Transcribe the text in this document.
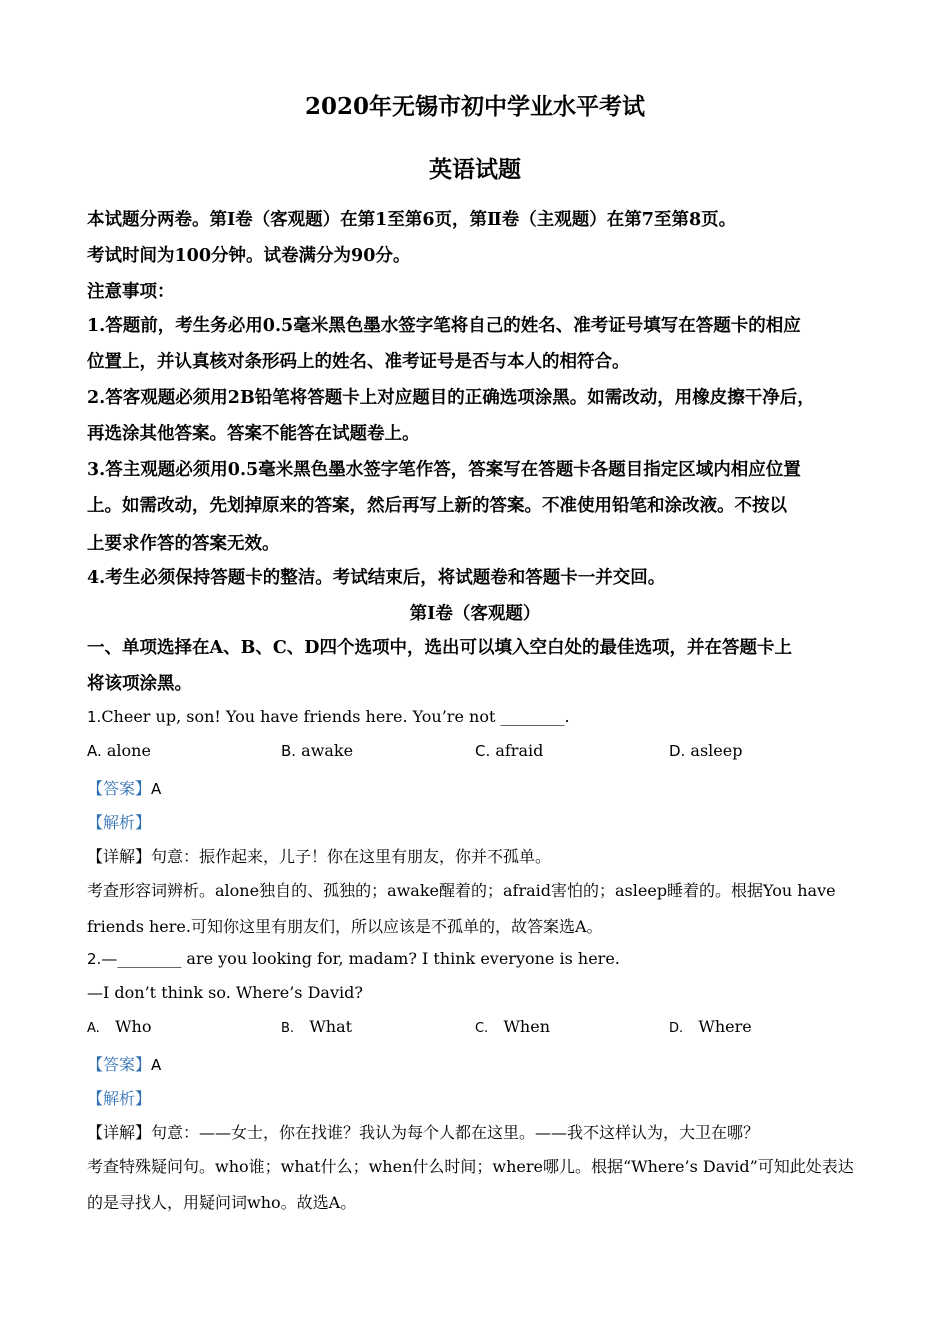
2020年无锡市初中学业水平考试
英语试题
本试题分两卷。第Ⅰ卷（客观题）在第1至第6页，第Ⅱ卷（主观题）在第7至第8页。
考试时间为100分钟。试卷满分为90分。
注意事项：
1.答题前，考生务必用0.5毫米黑色墨水签字笔将自己的姓名、准考证号填写在答题卡的相应
位置上，并认真核对条形码上的姓名、准考证号是否与本人的相符合。
2.答客观题必须用2B铅笔将答题卡上对应题目的正确选项涂黑。如需改动，用橡皮擦干净后，
再选涂其他答案。答案不能答在试题卷上。
3.答主观题必须用0.5毫米黑色墨水签字笔作答，答案写在答题卡各题目指定区域内相应位置
上。如需改动，先划掉原来的答案，然后再写上新的答案。不准使用铅笔和涂改液。不按以
上要求作答的答案无效。
4.考生必须保持答题卡的整洁。考试结束后，将试题卷和答题卡一并交回。
第Ⅰ卷（客观题）
一、单项选择在A、B、C、D四个选项中，选出可以填入空白处的最佳选项，并在答题卡上
将该项涂黑。
1.Cheer up, son! You have friends here. You’re not ________.
A. alone	B. awake	C. afraid	D. asleep
【答案】A
【解析】
【详解】句意：振作起来，儿子！你在这里有朋友，你并不孤单。
考查形容词辨析。alone独自的、孤独的；awake醒着的；afraid害怕的；asleep睡着的。根据You have
friends here.可知你这里有朋友们，所以应该是不孤单的，故答案选A。
2.—________ are you looking for, madam? I think everyone is here.
—I don’t think so. Where’s David?
A. Who	B. What	C. When	D. Where
【答案】A
【解析】
【详解】句意：——女士，你在找谁？我认为每个人都在这里。——我不这样认为，大卫在哪？
考查特殊疑问句。who谁；what什么；when什么时间；where哪儿。根据“Where’s David”可知此处表达
的是寻找人，用疑问词who。故选A。
